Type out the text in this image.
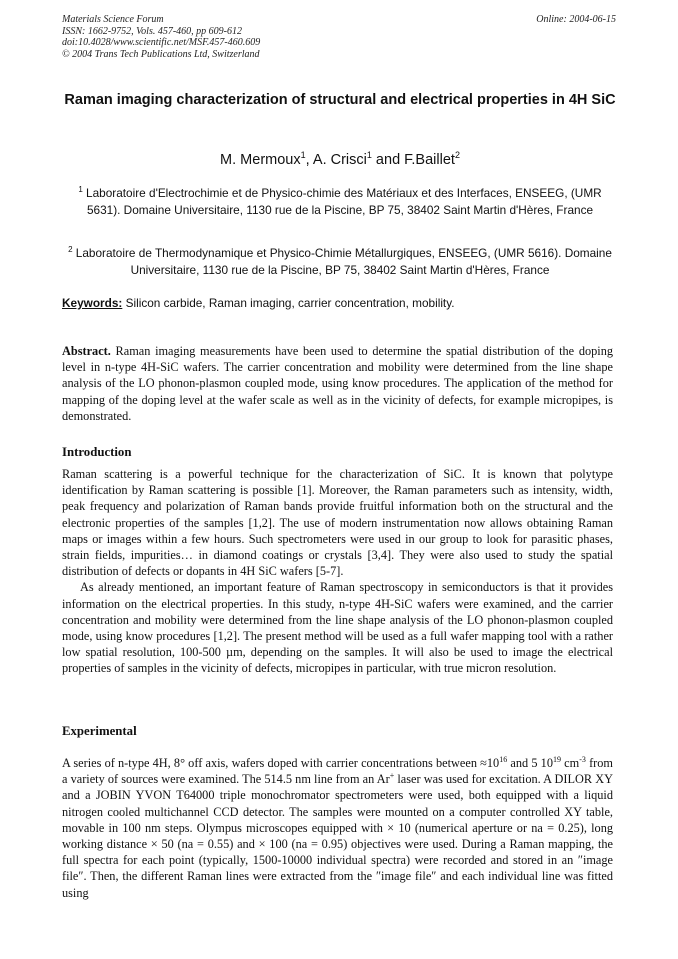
Materials Science Forum
ISSN: 1662-9752, Vols. 457-460, pp 609-612
doi:10.4028/www.scientific.net/MSF.457-460.609
© 2004 Trans Tech Publications Ltd, Switzerland
Online: 2004-06-15
Raman imaging characterization of structural and electrical properties in 4H SiC
M. Mermoux$^1$, A. Crisci$^1$ and F.Baillet$^2$
$^1$ Laboratoire d'Electrochimie et de Physico-chimie des Matériaux et des Interfaces, ENSEEG, (UMR 5631). Domaine Universitaire, 1130 rue de la Piscine, BP 75, 38402 Saint Martin d'Hères, France
$^2$ Laboratoire de Thermodynamique et Physico-Chimie Métallurgiques, ENSEEG, (UMR 5616). Domaine Universitaire, 1130 rue de la Piscine, BP 75, 38402 Saint Martin d'Hères, France
Keywords: Silicon carbide, Raman imaging, carrier concentration, mobility.

Abstract. Raman imaging measurements have been used to determine the spatial distribution of the doping level in n-type 4H-SiC wafers. The carrier concentration and mobility were determined from the line shape analysis of the LO phonon-plasmon coupled mode, using know procedures. The application of the method for mapping of the doping level at the wafer scale as well as in the vicinity of defects, for example micropipes, is demonstrated.

Introduction

Raman scattering is a powerful technique for the characterization of SiC. It is known that polytype identification by Raman scattering is possible [1]. Moreover, the Raman parameters such as intensity, width, peak frequency and polarization of Raman bands provide fruitful information both on the structural and the electronic properties of the samples [1,2]. The use of modern instrumentation now allows obtaining Raman maps or images within a few hours. Such spectrometers were used in our group to look for parasitic phases, strain fields, impurities… in diamond coatings or crystals [3,4]. They were also used to study the spatial distribution of defects or dopants in 4H SiC wafers [5-7].

As already mentioned, an important feature of Raman spectroscopy in semiconductors is that it provides information on the electrical properties. In this study, n-type 4H-SiC wafers were examined, and the carrier concentration and mobility were determined from the line shape analysis of the LO phonon-plasmon coupled mode, using know procedures [1,2]. The present method will be used as a full wafer mapping tool with a rather low spatial resolution, 100-500 µm, depending on the samples. It will also be used to image the electrical properties of samples in the vicinity of defects, micropipes in particular, with true micron resolution.

Experimental

A series of n-type 4H, 8° off axis, wafers doped with carrier concentrations between $\approx 10^{16}$ and 5 $10^{19}$ $cm^{-3}$ from a variety of sources were examined. The 514.5 nm line from an Ar+ laser was used for excitation. A DILOR XY and a JOBIN YVON T64000 triple monochromator spectrometers were used, both equipped with a liquid nitrogen cooled multichannel CCD detector. The samples were mounted on a computer controlled XY table, movable in 100 nm steps. Olympus microscopes equipped with × 10 (numerical aperture or na = 0.25), long working distance × 50 (na = 0.55) and × 100 (na = 0.95) objectives were used. During a Raman mapping, the full spectra for each point (typically, 1500-10000 individual spectra) were recorded and stored in an ″image file″. Then, the different Raman lines were extracted from the ″image file″ and each individual line was fitted using
